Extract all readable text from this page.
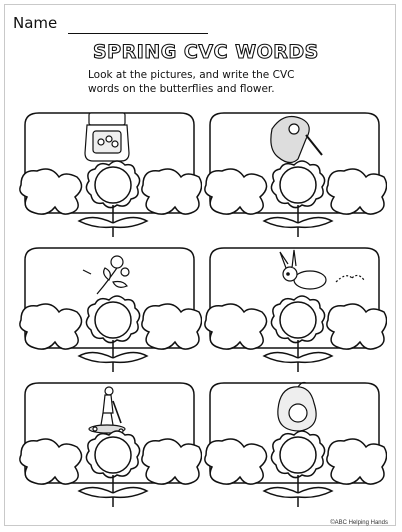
Name
SPRING CVC WORDS
Look at the pictures, and write the CVC
words on the butterflies and flower.
©ABC Helping Hands
